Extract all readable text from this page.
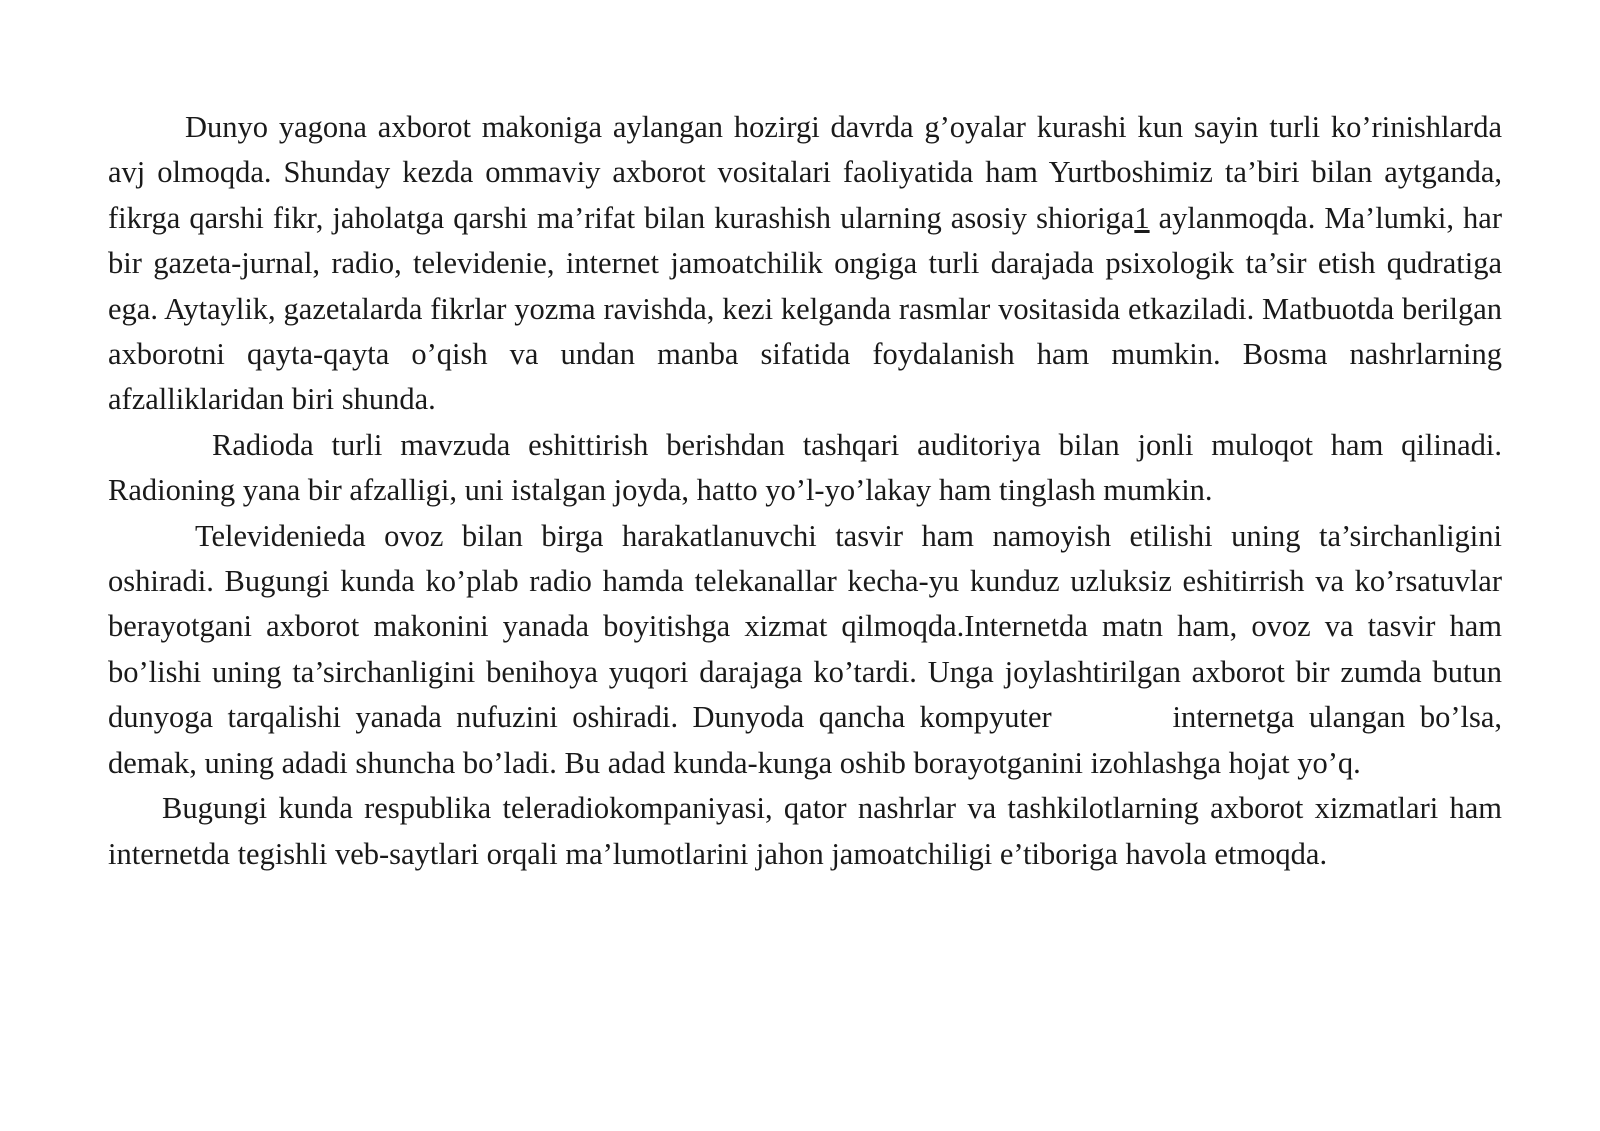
Dunyo yagona axborot makoniga aylangan hozirgi davrda g’oyalar kurashi kun sayin turli ko’rinishlarda avj olmoqda. Shunday kezda ommaviy axborot vositalari faoliyatida ham Yurtboshimiz ta’biri bilan aytganda, fikrga qarshi fikr, jaholatga qarshi ma’rifat bilan kurashish ularning asosiy shioriga1 aylanmoqda. Ma’lumki, har bir gazeta-jurnal, radio, televidenie, internet jamoatchilik ongiga turli darajada psixologik ta’sir etish qudratiga ega. Aytaylik, gazetalarda fikrlar yozma ravishda, kezi kelganda rasmlar vositasida etkaziladi. Matbuotda berilgan axborotni qayta-qayta o’qish va undan manba sifatida foydalanish ham mumkin. Bosma nashrlarning afzalliklaridan biri shunda.

Radioda turli mavzuda eshittirish berishdan tashqari auditoriya bilan jonli muloqot ham qilinadi. Radioning yana bir afzalligi, uni istalgan joyda, hatto yo’l-yo’lakay ham tinglash mumkin.

Televidenieda ovoz bilan birga harakatlanuvchi tasvir ham namoyish etilishi uning ta’sirchanligini oshiradi. Bugungi kunda ko’plab radio hamda telekanallar kecha-yu kunduz uzluksiz eshitirrish va ko’rsatuvlar berayotgani axborot makonini yanada boyitishga xizmat qilmoqda.Internetda matn ham, ovoz va tasvir ham bo’lishi uning ta’sirchanligini benihoya yuqori darajaga ko’tardi. Unga joylashtirilgan axborot bir zumda butun dunyoga tarqalishi yanada nufuzini oshiradi. Dunyoda qancha kompyuter	internetga ulangan bo’lsa, demak, uning adadi shuncha bo’ladi. Bu adad kunda-kunga oshib borayotganini izohlashga hojat yo’q.

Bugungi kunda respublika teleradiokompaniyasi, qator nashrlar va tashkilotlarning axborot xizmatlari ham internetda tegishli veb-saytlari orqali ma’lumotlarini jahon jamoatchiligi e’tiboriga havola etmoqda.
